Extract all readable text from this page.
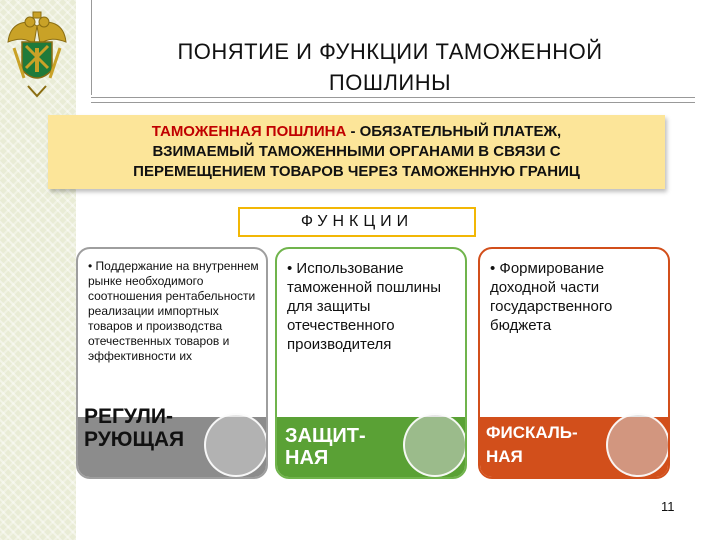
ПОНЯТИЕ И ФУНКЦИИ ТАМОЖЕННОЙ
ПОШЛИНЫ
ТАМОЖЕННАЯ ПОШЛИНА - ОБЯЗАТЕЛЬНЫЙ ПЛАТЕЖ,
ВЗИМАЕМЫЙ ТАМОЖЕННЫМИ ОРГАНАМИ В СВЯЗИ С
ПЕРЕМЕЩЕНИЕМ ТОВАРОВ ЧЕРЕЗ ТАМОЖЕННУЮ ГРАНИЦ
ФУНКЦИИ
• Поддержание на внутреннем рынке необходимого соотношения рентабельности реализации импортных товаров и производства отечественных товаров и эффективности их
РЕГУЛИ-РУЮЩАЯ
• Использование таможенной пошлины для защиты отечественного производителя
ЗАЩИТ-НАЯ
• Формирование доходной части государственного бюджета
ФИСКАЛЬ-НАЯ
11
